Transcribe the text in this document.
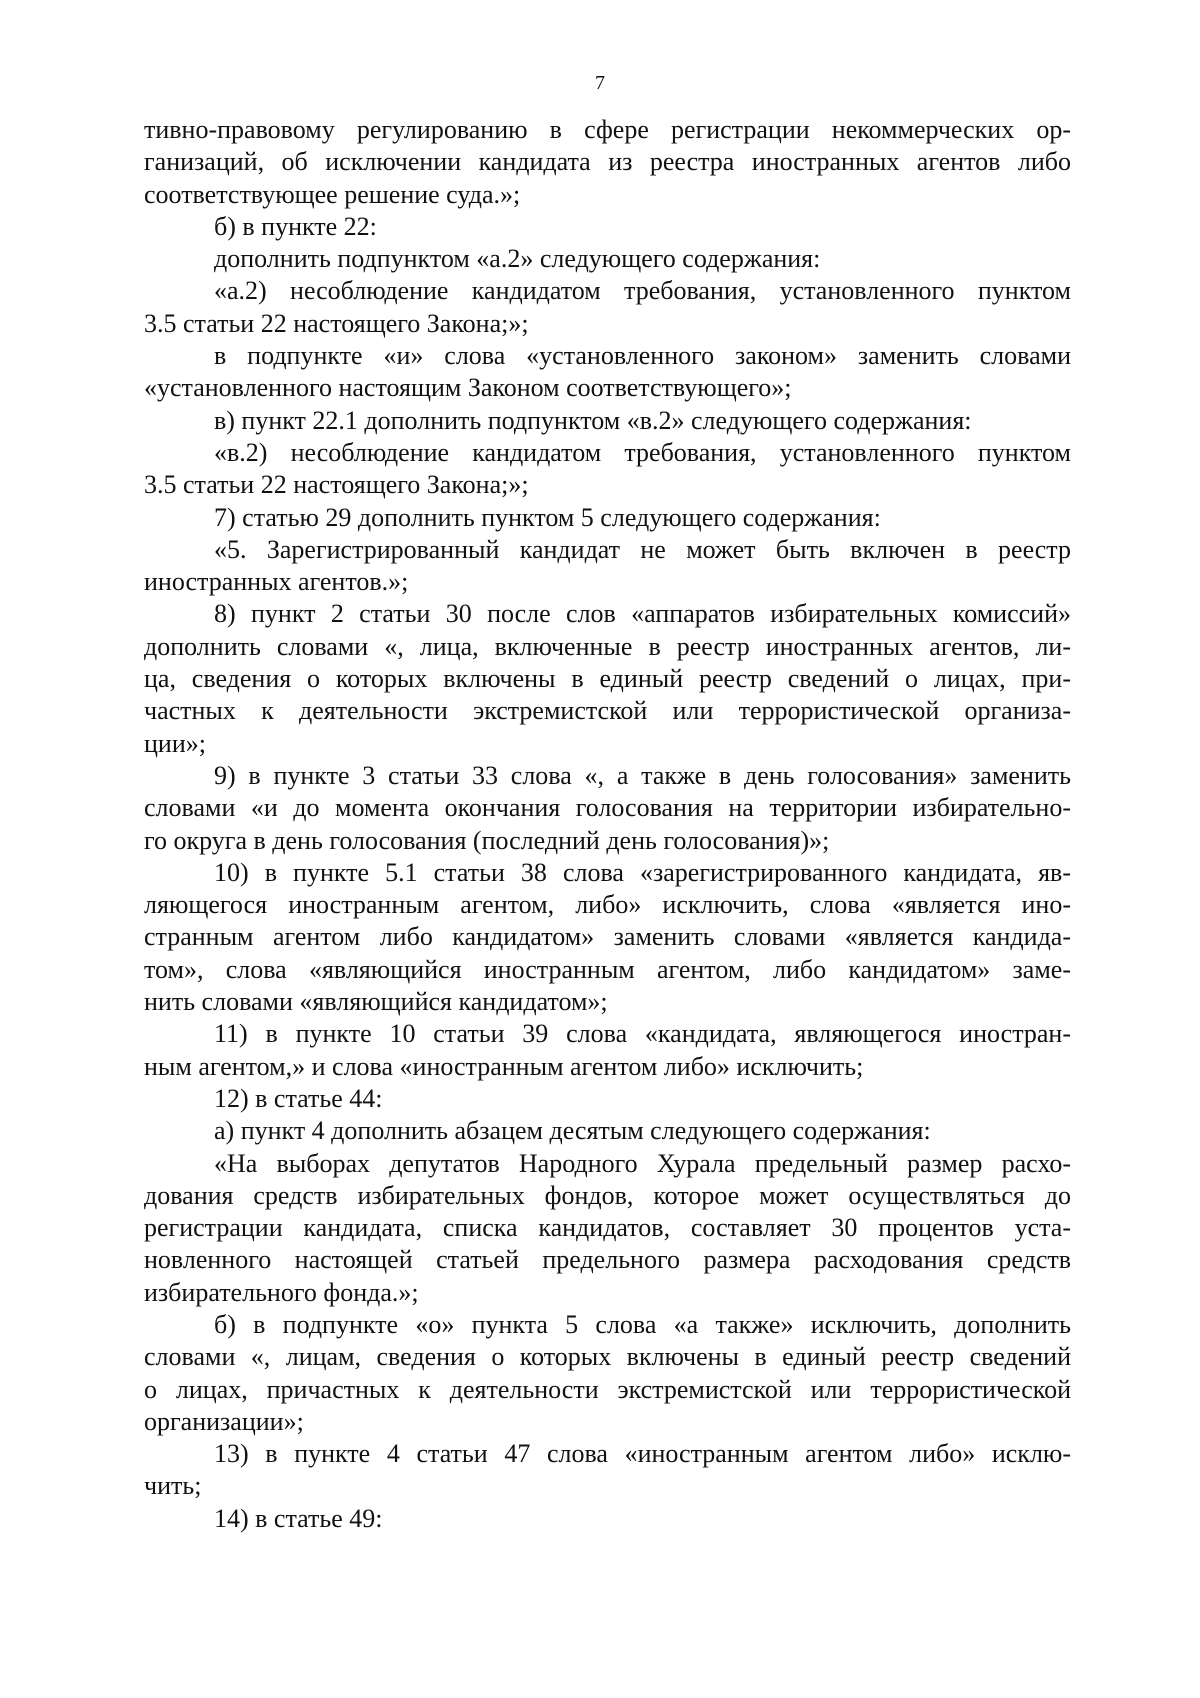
7

тивно-правовому регулированию в сфере регистрации некоммерческих ор-

ганизаций, об исключении кандидата из реестра иностранных агентов либо

соответствующее решение суда.»;

б) в пункте 22:

дополнить подпунктом «а.2» следующего содержания:

«а.2) несоблюдение кандидатом требования, установленного пунктом

3.5 статьи 22 настоящего Закона;»;

в подпункте «и» слова «установленного законом» заменить словами

«установленного настоящим Законом соответствующего»;

в) пункт 22.1 дополнить подпунктом «в.2» следующего содержания:

«в.2) несоблюдение кандидатом требования, установленного пунктом

3.5 статьи 22 настоящего Закона;»;

7) статью 29 дополнить пунктом 5 следующего содержания:

«5. Зарегистрированный кандидат не может быть включен в реестр

иностранных агентов.»;

8) пункт 2 статьи 30 после слов «аппаратов избирательных комиссий»

дополнить словами «, лица, включенные в реестр иностранных агентов, ли-

ца, сведения о которых включены в единый реестр сведений о лицах, при-

частных к деятельности экстремистской или террористической организа-

ции»;

9) в пункте 3 статьи 33 слова «, а также в день голосования» заменить

словами «и до момента окончания голосования на территории избирательно-

го округа в день голосования (последний день голосования)»;

10) в пункте 5.1 статьи 38 слова «зарегистрированного кандидата, яв-

ляющегося иностранным агентом, либо» исключить, слова «является ино-

странным агентом либо кандидатом» заменить словами «является кандида-

том», слова «являющийся иностранным агентом, либо кандидатом» заме-

нить словами «являющийся кандидатом»;

11) в пункте 10 статьи 39 слова «кандидата, являющегося иностран-

ным агентом,» и слова «иностранным агентом либо» исключить;

12) в статье 44:

а) пункт 4 дополнить абзацем десятым следующего содержания:

«На выборах депутатов Народного Хурала предельный размер расхо-

дования средств избирательных фондов, которое может осуществляться до

регистрации кандидата, списка кандидатов, составляет 30 процентов уста-

новленного настоящей статьей предельного размера расходования средств

избирательного фонда.»;

б) в подпункте «о» пункта 5 слова «а также» исключить, дополнить

словами «, лицам, сведения о которых включены в единый реестр сведений

о лицах, причастных к деятельности экстремистской или террористической

организации»;

13) в пункте 4 статьи 47 слова «иностранным агентом либо» исклю-

чить;

14) в статье 49:
